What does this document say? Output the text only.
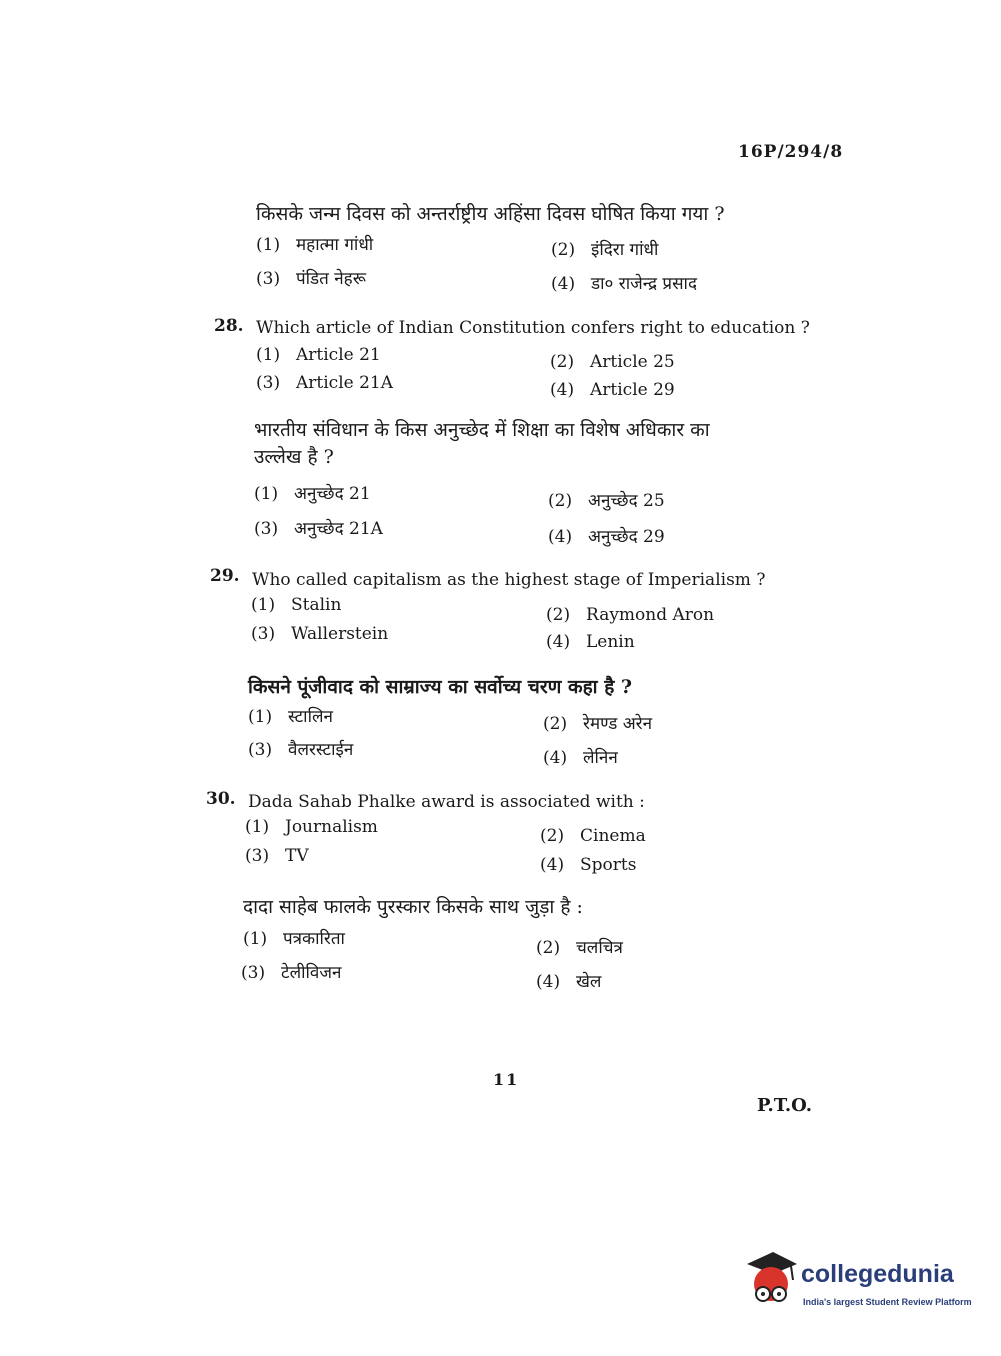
16P/294/8
किसके जन्म दिवस को अन्तर्राष्ट्रीय अहिंसा दिवस घोषित किया गया ?
(1) महात्मा गांधी	(2) इंदिरा गांधी
(3) पंडित नेहरू	(4) डा० राजेन्द्र प्रसाद
28. Which article of Indian Constitution confers right to education ?
(1) Article 21	(2) Article 25
(3) Article 21A	(4) Article 29
भारतीय संविधान के किस अनुच्छेद में शिक्षा का विशेष अधिकार का
उल्लेख है ?
(1) अनुच्छेद 21	(2) अनुच्छेद 25
(3) अनुच्छेद 21A	(4) अनुच्छेद 29
29. Who called capitalism as the highest stage of Imperialism ?
(1) Stalin	(2) Raymond Aron
(3) Wallerstein	(4) Lenin
किसने पूंजीवाद को साम्राज्य का सर्वोच्य चरण कहा है ?
(1) स्टालिन	(2) रेमण्ड अरेन
(3) वैलरस्टाईन	(4) लेनिन
30. Dada Sahab Phalke award is associated with :
(1) Journalism	(2) Cinema
(3) TV	(4) Sports
दादा साहेब फालके पुरस्कार किसके साथ जुड़ा है :
(1) पत्रकारिता	(2) चलचित्र
(3) टेलीविजन	(4) खेल
11
P.T.O.
collegedunia
India's largest Student Review Platform
